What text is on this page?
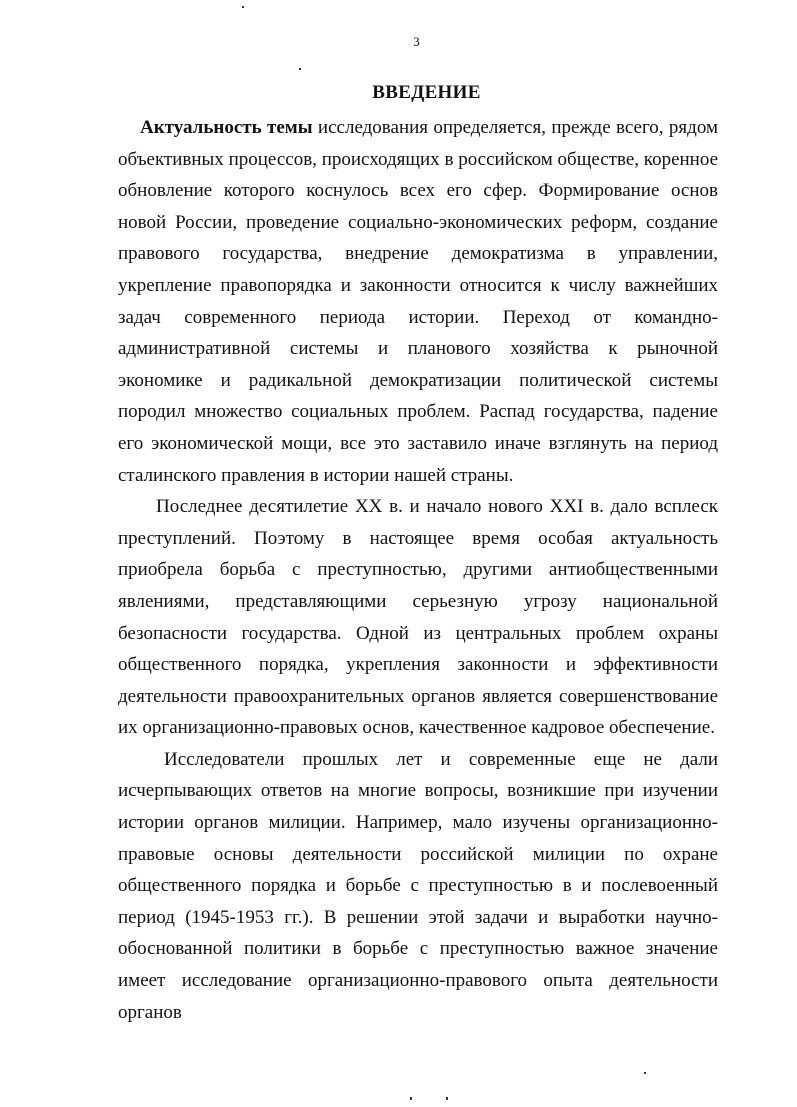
3
ВВЕДЕНИЕ

Актуальность темы исследования определяется, прежде всего, рядом объективных процессов, происходящих в российском обществе, коренное обновление которого коснулось всех его сфер. Формирование основ новой России, проведение социально-экономических реформ, создание правового государства, внедрение демократизма в управлении, укрепление правопорядка и законности относится к числу важнейших задач современного периода истории. Переход от командно-административной системы и планового хозяйства к рыночной экономике и радикальной демократизации политической системы породил множество социальных проблем. Распад государства, падение его экономической мощи, все это заставило иначе взглянуть на период сталинского правления в истории нашей страны.

Последнее десятилетие XX в. и начало нового XXI в. дало всплеск преступлений. Поэтому в настоящее время особая актуальность приобрела борьба с преступностью, другими антиобщественными явлениями, представляющими серьезную угрозу национальной безопасности государства. Одной из центральных проблем охраны общественного порядка, укрепления законности и эффективности деятельности правоохранительных органов является совершенствование их организационно-правовых основ, качественное кадровое обеспечение.

Исследователи прошлых лет и современные еще не дали исчерпывающих ответов на многие вопросы, возникшие при изучении истории органов милиции. Например, мало изучены организационно-правовые основы деятельности российской милиции по охране общественного порядка и борьбе с преступностью в и послевоенный период (1945-1953 гг.). В решении этой задачи и выработки научно-обоснованной политики в борьбе с преступностью важное значение имеет исследование организационно-правового опыта деятельности органов
